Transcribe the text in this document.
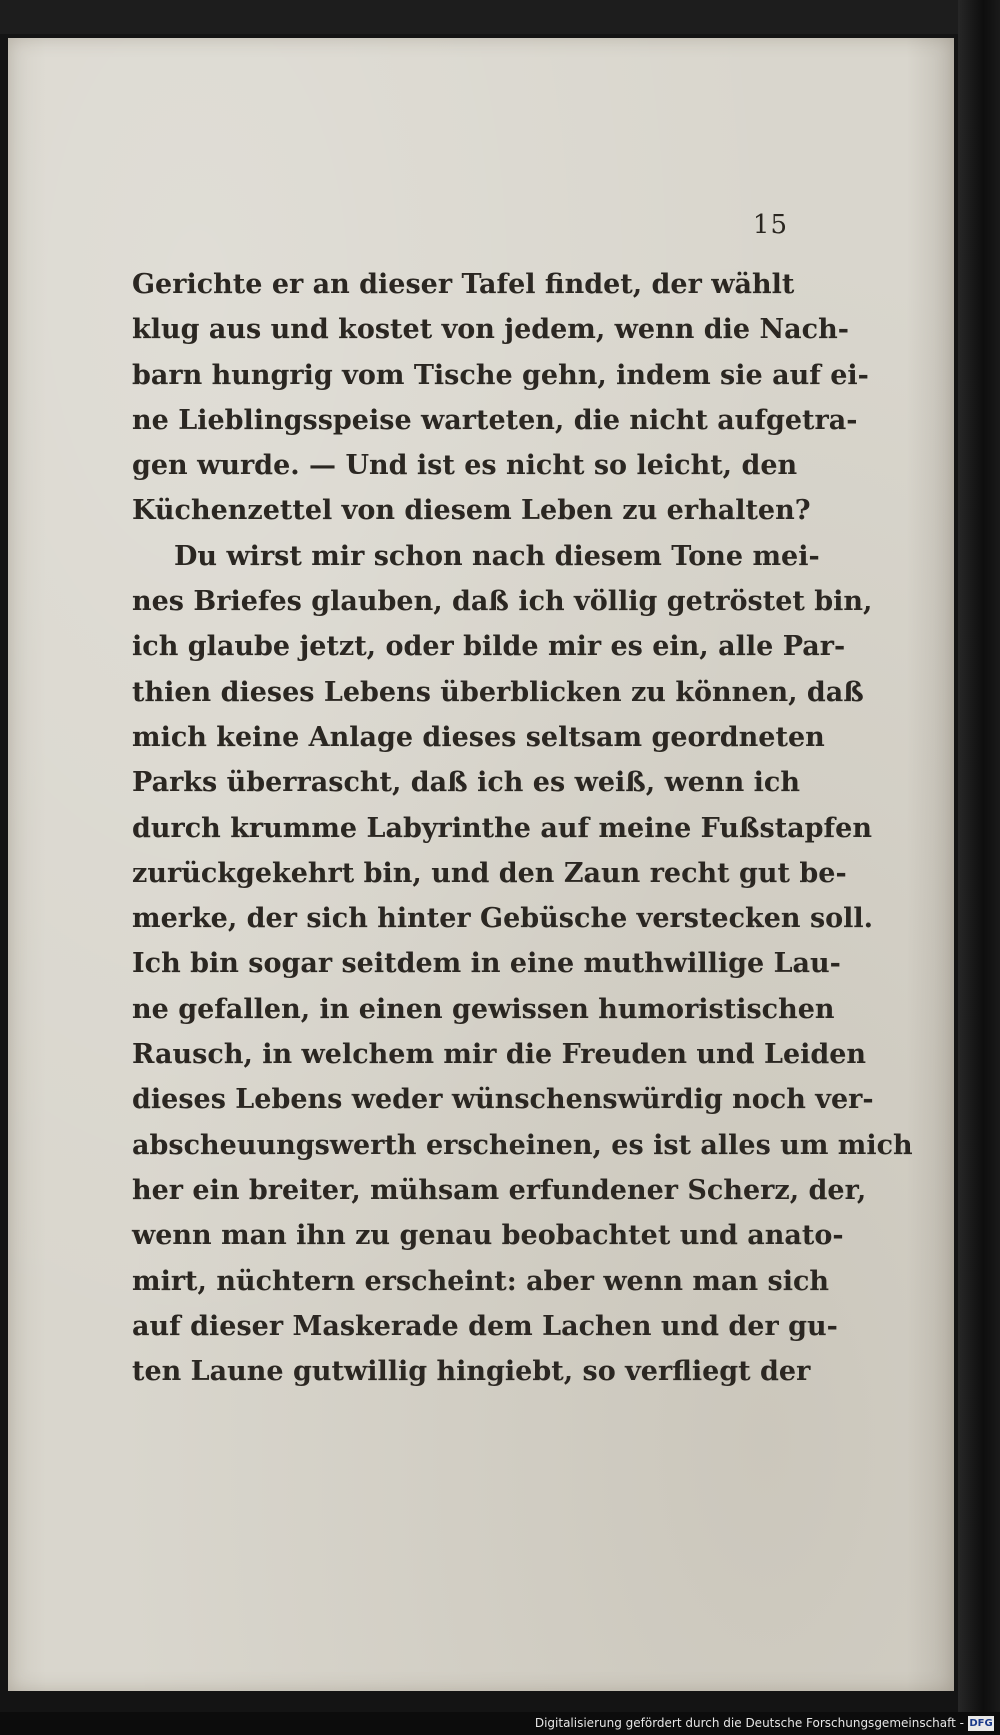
15
Gerichte er an dieser Tafel findet, der wählt
klug aus und kostet von jedem, wenn die Nach-
barn hungrig vom Tische gehn, indem sie auf ei-
ne Lieblingsspeise warteten, die nicht aufgetra-
gen wurde. — Und ist es nicht so leicht, den
Küchenzettel von diesem Leben zu erhalten?
Du wirst mir schon nach diesem Tone mei-
nes Briefes glauben, daß ich völlig getröstet bin,
ich glaube jetzt, oder bilde mir es ein, alle Par-
thien dieses Lebens überblicken zu können, daß
mich keine Anlage dieses seltsam geordneten
Parks überrascht, daß ich es weiß, wenn ich
durch krumme Labyrinthe auf meine Fußstapfen
zurückgekehrt bin, und den Zaun recht gut be-
merke, der sich hinter Gebüsche verstecken soll.
Ich bin sogar seitdem in eine muthwillige Lau-
ne gefallen, in einen gewissen humoristischen
Rausch, in welchem mir die Freuden und Leiden
dieses Lebens weder wünschenswürdig noch ver-
abscheuungswerth erscheinen, es ist alles um mich
her ein breiter, mühsam erfundener Scherz, der,
wenn man ihn zu genau beobachtet und anato-
mirt, nüchtern erscheint: aber wenn man sich
auf dieser Maskerade dem Lachen und der gu-
ten Laune gutwillig hingiebt, so verfliegt der
Digitalisierung gefördert durch die Deutsche Forschungsgemeinschaft - DFG
